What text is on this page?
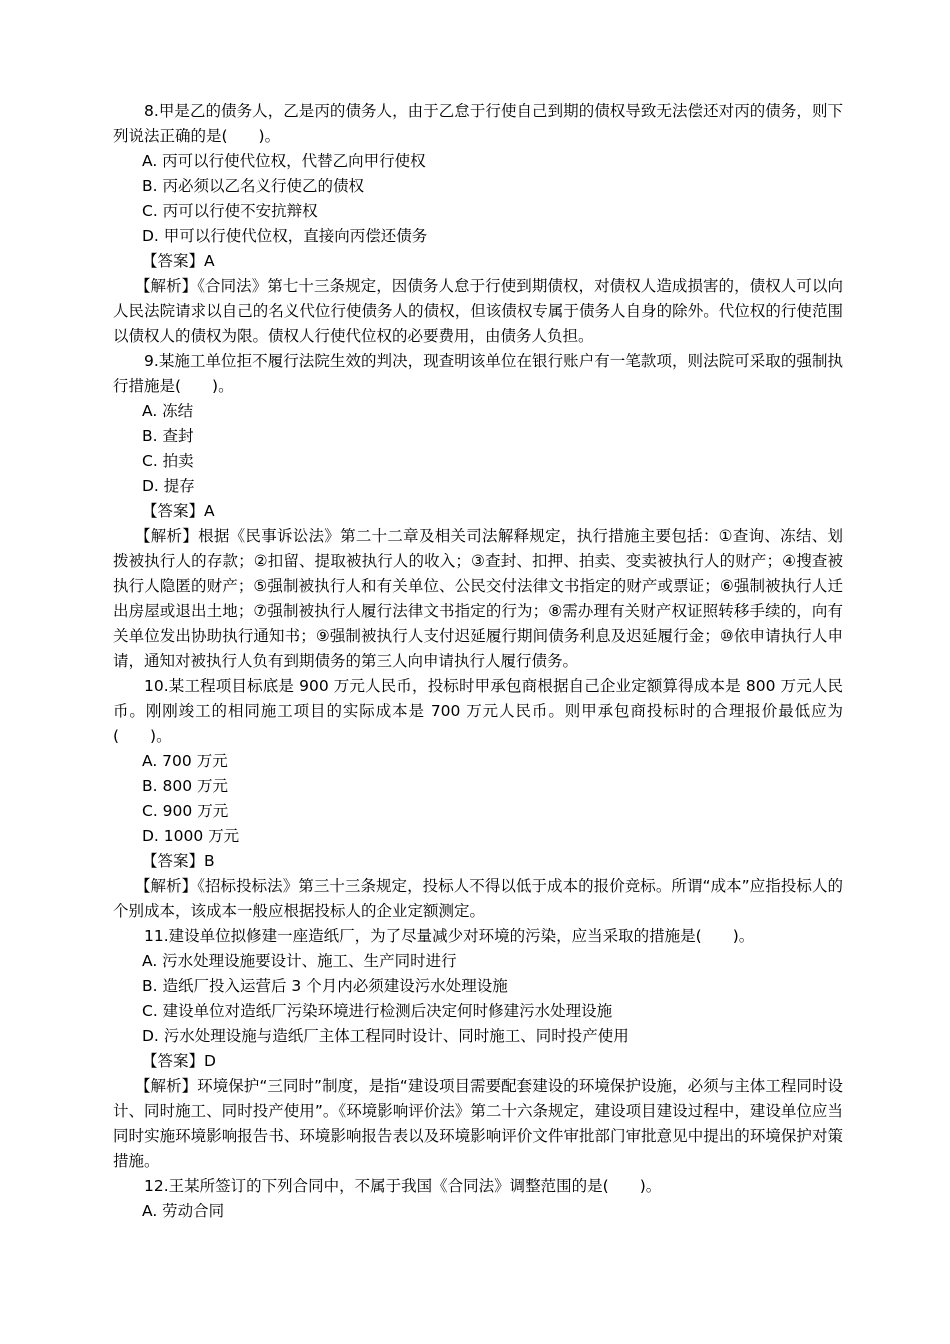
8.甲是乙的债务人，乙是丙的债务人，由于乙怠于行使自己到期的债权导致无法偿还对丙的债务，则下列说法正确的是(　　)。

A. 丙可以行使代位权，代替乙向甲行使权

B. 丙必须以乙名义行使乙的债权

C. 丙可以行使不安抗辩权

D. 甲可以行使代位权，直接向丙偿还债务

【答案】A

【解析】《合同法》第七十三条规定，因债务人怠于行使到期债权，对债权人造成损害的，债权人可以向人民法院请求以自己的名义代位行使债务人的债权，但该债权专属于债务人自身的除外。代位权的行使范围以债权人的债权为限。债权人行使代位权的必要费用，由债务人负担。

9.某施工单位拒不履行法院生效的判决，现查明该单位在银行账户有一笔款项，则法院可采取的强制执行措施是(　　)。

A. 冻结

B. 查封

C. 拍卖

D. 提存

【答案】A

【解析】根据《民事诉讼法》第二十二章及相关司法解释规定，执行措施主要包括：①查询、冻结、划拨被执行人的存款；②扣留、提取被执行人的收入；③查封、扣押、拍卖、变卖被执行人的财产；④搜查被执行人隐匿的财产；⑤强制被执行人和有关单位、公民交付法律文书指定的财产或票证；⑥强制被执行人迁出房屋或退出土地；⑦强制被执行人履行法律文书指定的行为；⑧需办理有关财产权证照转移手续的，向有关单位发出协助执行通知书；⑨强制被执行人支付迟延履行期间债务利息及迟延履行金；⑩依申请执行人申请，通知对被执行人负有到期债务的第三人向申请执行人履行债务。

10.某工程项目标底是 900 万元人民币，投标时甲承包商根据自己企业定额算得成本是 800 万元人民币。刚刚竣工的相同施工项目的实际成本是 700 万元人民币。则甲承包商投标时的合理报价最低应为(　　)。

A. 700 万元

B. 800 万元

C. 900 万元

D. 1000 万元

【答案】B

【解析】《招标投标法》第三十三条规定，投标人不得以低于成本的报价竞标。所谓“成本”应指投标人的个别成本，该成本一般应根据投标人的企业定额测定。

11.建设单位拟修建一座造纸厂，为了尽量减少对环境的污染，应当采取的措施是(　　)。

A. 污水处理设施要设计、施工、生产同时进行

B. 造纸厂投入运营后 3 个月内必须建设污水处理设施

C. 建设单位对造纸厂污染环境进行检测后决定何时修建污水处理设施

D. 污水处理设施与造纸厂主体工程同时设计、同时施工、同时投产使用

【答案】D

【解析】环境保护“三同时”制度，是指“建设项目需要配套建设的环境保护设施，必须与主体工程同时设计、同时施工、同时投产使用”。《环境影响评价法》第二十六条规定，建设项目建设过程中，建设单位应当同时实施环境影响报告书、环境影响报告表以及环境影响评价文件审批部门审批意见中提出的环境保护对策措施。

12.王某所签订的下列合同中，不属于我国《合同法》调整范围的是(　　)。

A. 劳动合同
